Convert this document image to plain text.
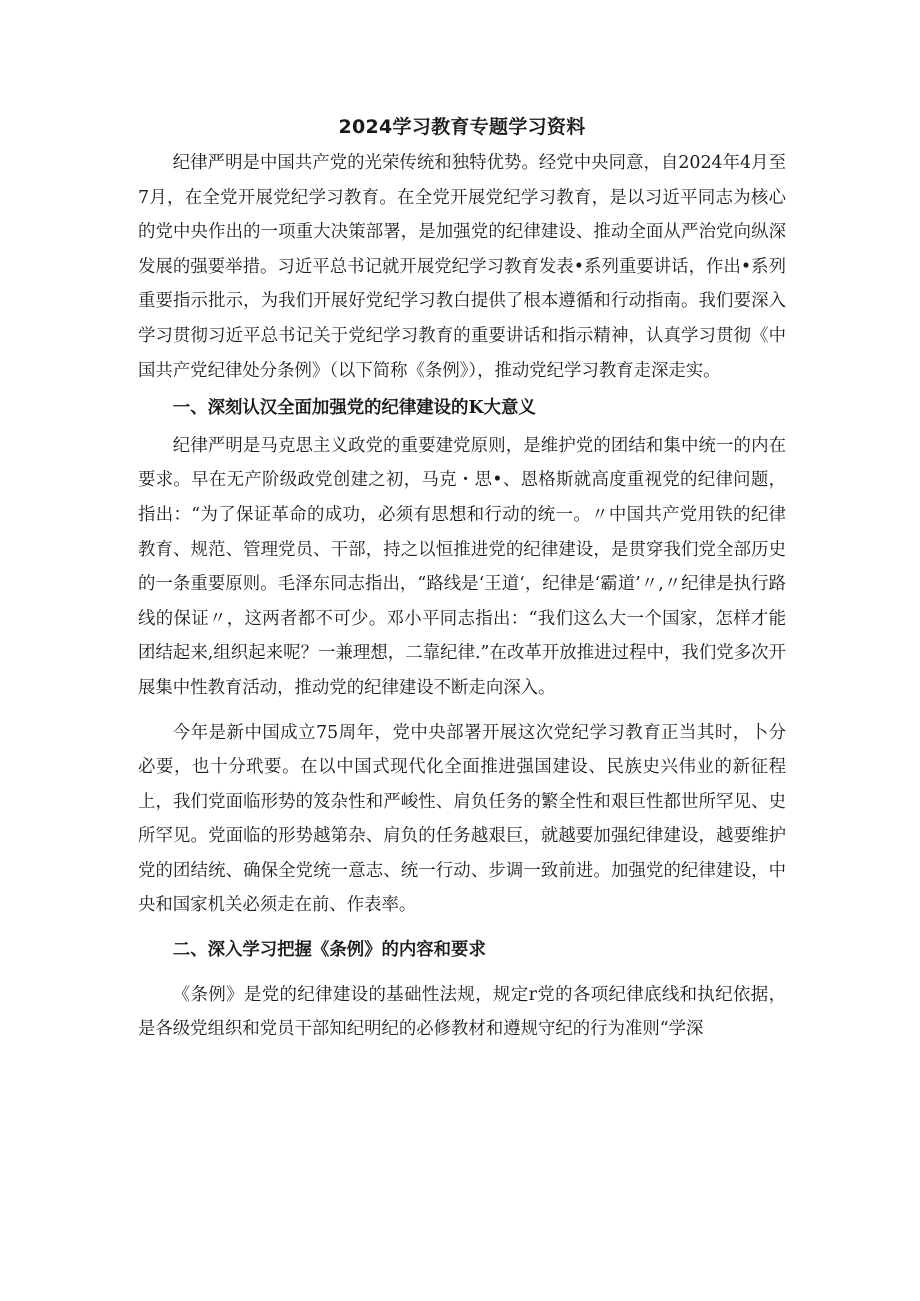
2024学习教育专题学习资料

纪律严明是中国共产党的光荣传统和独特优势。经党中央同意，自2024年4月至7月，在全党开展党纪学习教育。在全党开展党纪学习教育，是以习近平同志为核心的党中央作出的一项重大决策部署，是加强党的纪律建设、推动全面从严治党向纵深发展的强要举措。习近平总书记就开展党纪学习教育发表•系列重要讲话，作出•系列重要指示批示，为我们开展好党纪学习教白提供了根本遵循和行动指南。我们要深入学习贯彻习近平总书记关于党纪学习教育的重要讲话和指示精神，认真学习贯彻《中国共产党纪律处分条例》（以下简称《条例》），推动党纪学习教育走深走实。

一、深刻认汉全面加强党的纪律建设的K大意义

纪律严明是马克思主义政党的重要建党原则，是维护党的团结和集中统一的内在要求。早在无产阶级政党创建之初，马克・思•、恩格斯就高度重视党的纪律问题，指出：“为了保证革命的成功，必须有思想和行动的统一。〃中国共产党用铁的纪律教育、规范、管理党员、干部，持之以恒推进党的纪律建设，是贯穿我们党全部历史的一条重要原则。毛泽东同志指出，“路线是‘王道‘，纪律是‘霸道’〃,〃纪律是执行路线的保证〃，这两者都不可少。邓小平同志指出：“我们这么大一个国家，怎样才能团结起来,组织起来呢？一兼理想，二靠纪律.”在改革开放推进过程中，我们党多次开展集中性教育活动，推动党的纪律建设不断走向深入。

今年是新中国成立75周年，党中央部署开展这次党纪学习教育正当其时，卜分必要，也十分玳要。在以中国式现代化全面推进强国建设、民族史兴伟业的新征程上，我们党面临形势的笈杂性和严峻性、肩负任务的繁全性和艰巨性都世所罕见、史所罕见。党面临的形势越第杂、肩负的任务越艰巨，就越要加强纪律建设，越要维护党的团结统、确保全党统一意志、统一行动、步调一致前进。加强党的纪律建设，中央和国家机关必须走在前、作表率。

二、深入学习把握《条例》的内容和要求

《条例》是党的纪律建设的基础性法规，规定r党的各项纪律底线和执纪依据，是各级党组织和党员干部知纪明纪的必修教材和遵规守纪的行为准则“学深
